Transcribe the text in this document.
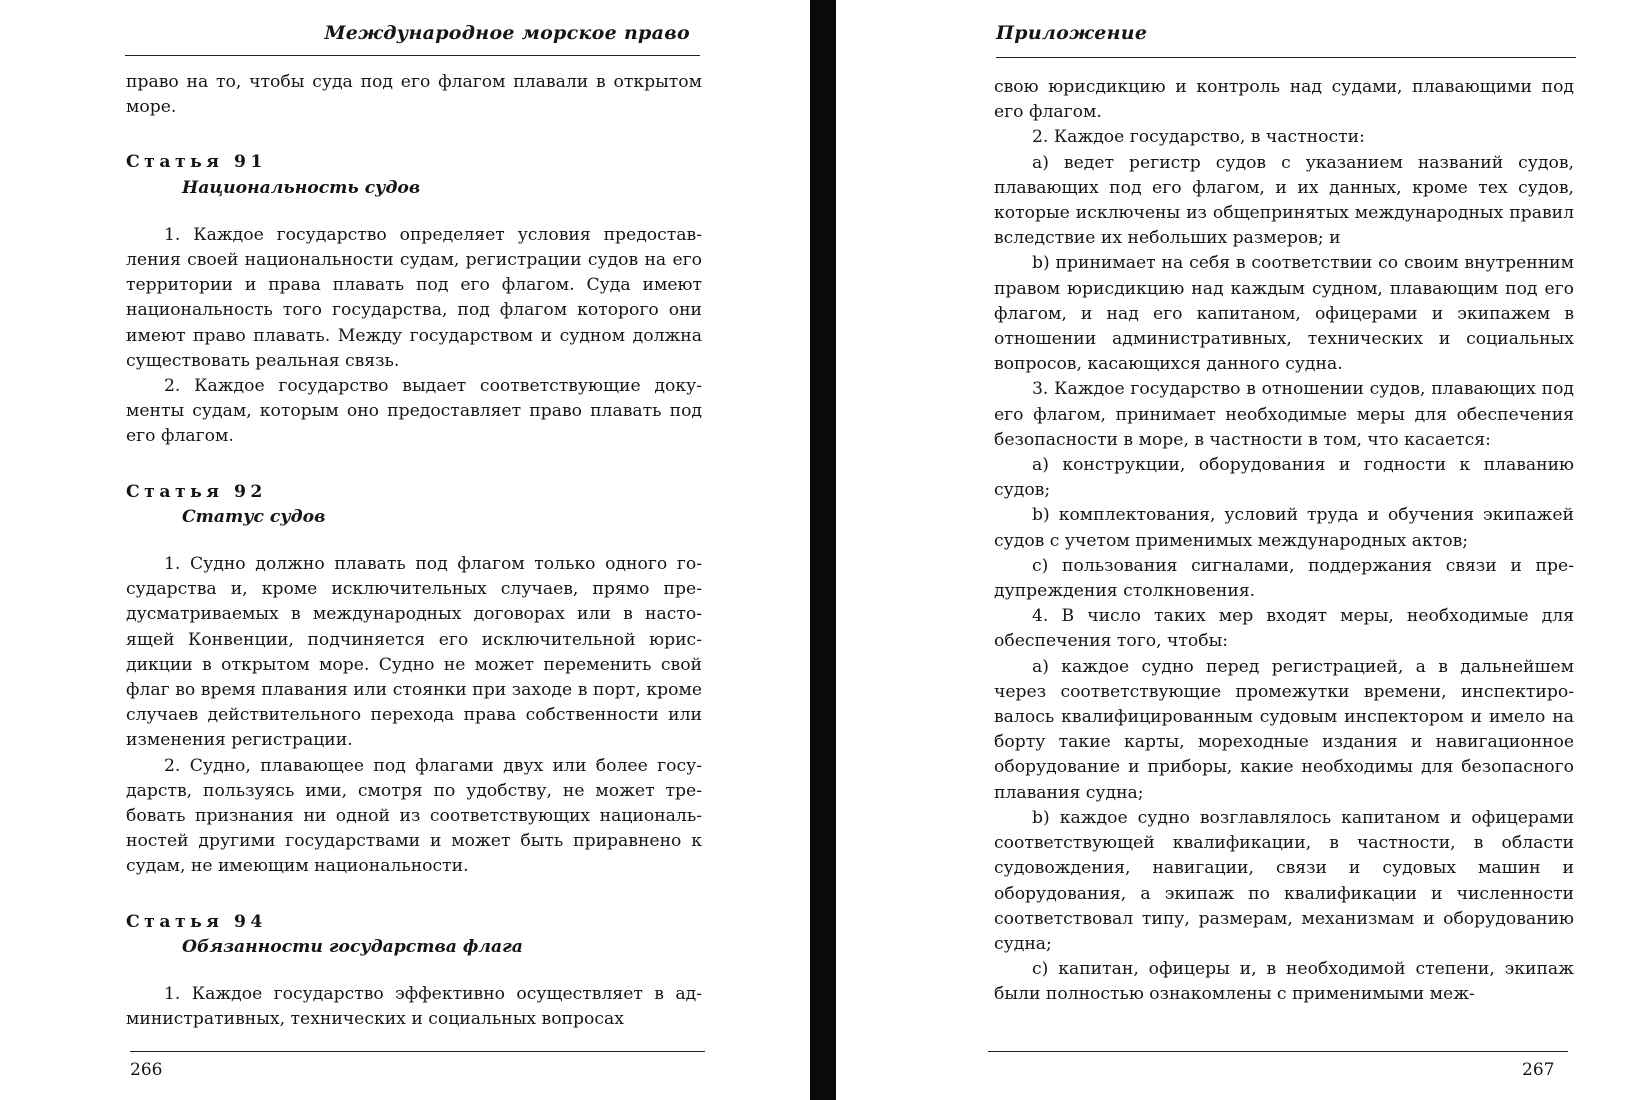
Международное морское право

право на то, чтобы суда под его флагом плавали в открытом море.

Статья 91
Национальность судов

1. Каждое государство определяет условия предоставления своей национальности судам, регистрации судов на его территории и права плавать под его флагом. Суда имеют национальность того государства, под флагом которого они имеют право плавать. Между государством и судном должна существовать реальная связь.

2. Каждое государство выдает соответствующие документы судам, которым оно предоставляет право плавать под его флагом.

Статья 92
Статус судов

1. Судно должно плавать под флагом только одного государства и, кроме исключительных случаев, прямо предусматриваемых в международных договорах или в настоящей Конвенции, подчиняется его исключительной юрисдикции в открытом море. Судно не может переменить свой флаг во время плавания или стоянки при заходе в порт, кроме случаев действительного перехода права собственности или изменения регистрации.

2. Судно, плавающее под флагами двух или более государств, пользуясь ими, смотря по удобству, не может требовать признания ни одной из соответствующих национальностей другими государствами и может быть приравнено к судам, не имеющим национальности.

Статья 94
Обязанности государства флага

1. Каждое государство эффективно осуществляет в административных, технических и социальных вопросах

266
Приложение

свою юрисдикцию и контроль над судами, плавающими под его флагом.

2. Каждое государство, в частности:

a) ведет регистр судов с указанием названий судов, плавающих под его флагом, и их данных, кроме тех судов, которые исключены из общепринятых международных правил вследствие их небольших размеров; и

b) принимает на себя в соответствии со своим внутренним правом юрисдикцию над каждым судном, плавающим под его флагом, и над его капитаном, офицерами и экипажем в отношении административных, технических и социальных вопросов, касающихся данного судна.

3. Каждое государство в отношении судов, плавающих под его флагом, принимает необходимые меры для обеспечения безопасности в море, в частности в том, что касается:

a) конструкции, оборудования и годности к плаванию судов;

b) комплектования, условий труда и обучения экипажей судов с учетом применимых международных актов;

c) пользования сигналами, поддержания связи и предупреждения столкновения.

4. В число таких мер входят меры, необходимые для обеспечения того, чтобы:

a) каждое судно перед регистрацией, а в дальнейшем через соответствующие промежутки времени, инспектировалось квалифицированным судовым инспектором и имело на борту такие карты, мореходные издания и навигационное оборудование и приборы, какие необходимы для безопасного плавания судна;

b) каждое судно возглавлялось капитаном и офицерами соответствующей квалификации, в частности, в области судовождения, навигации, связи и судовых машин и оборудования, а экипаж по квалификации и численности соответствовал типу, размерам, механизмам и оборудованию судна;

c) капитан, офицеры и, в необходимой степени, экипаж были полностью ознакомлены с применимыми меж-

267
